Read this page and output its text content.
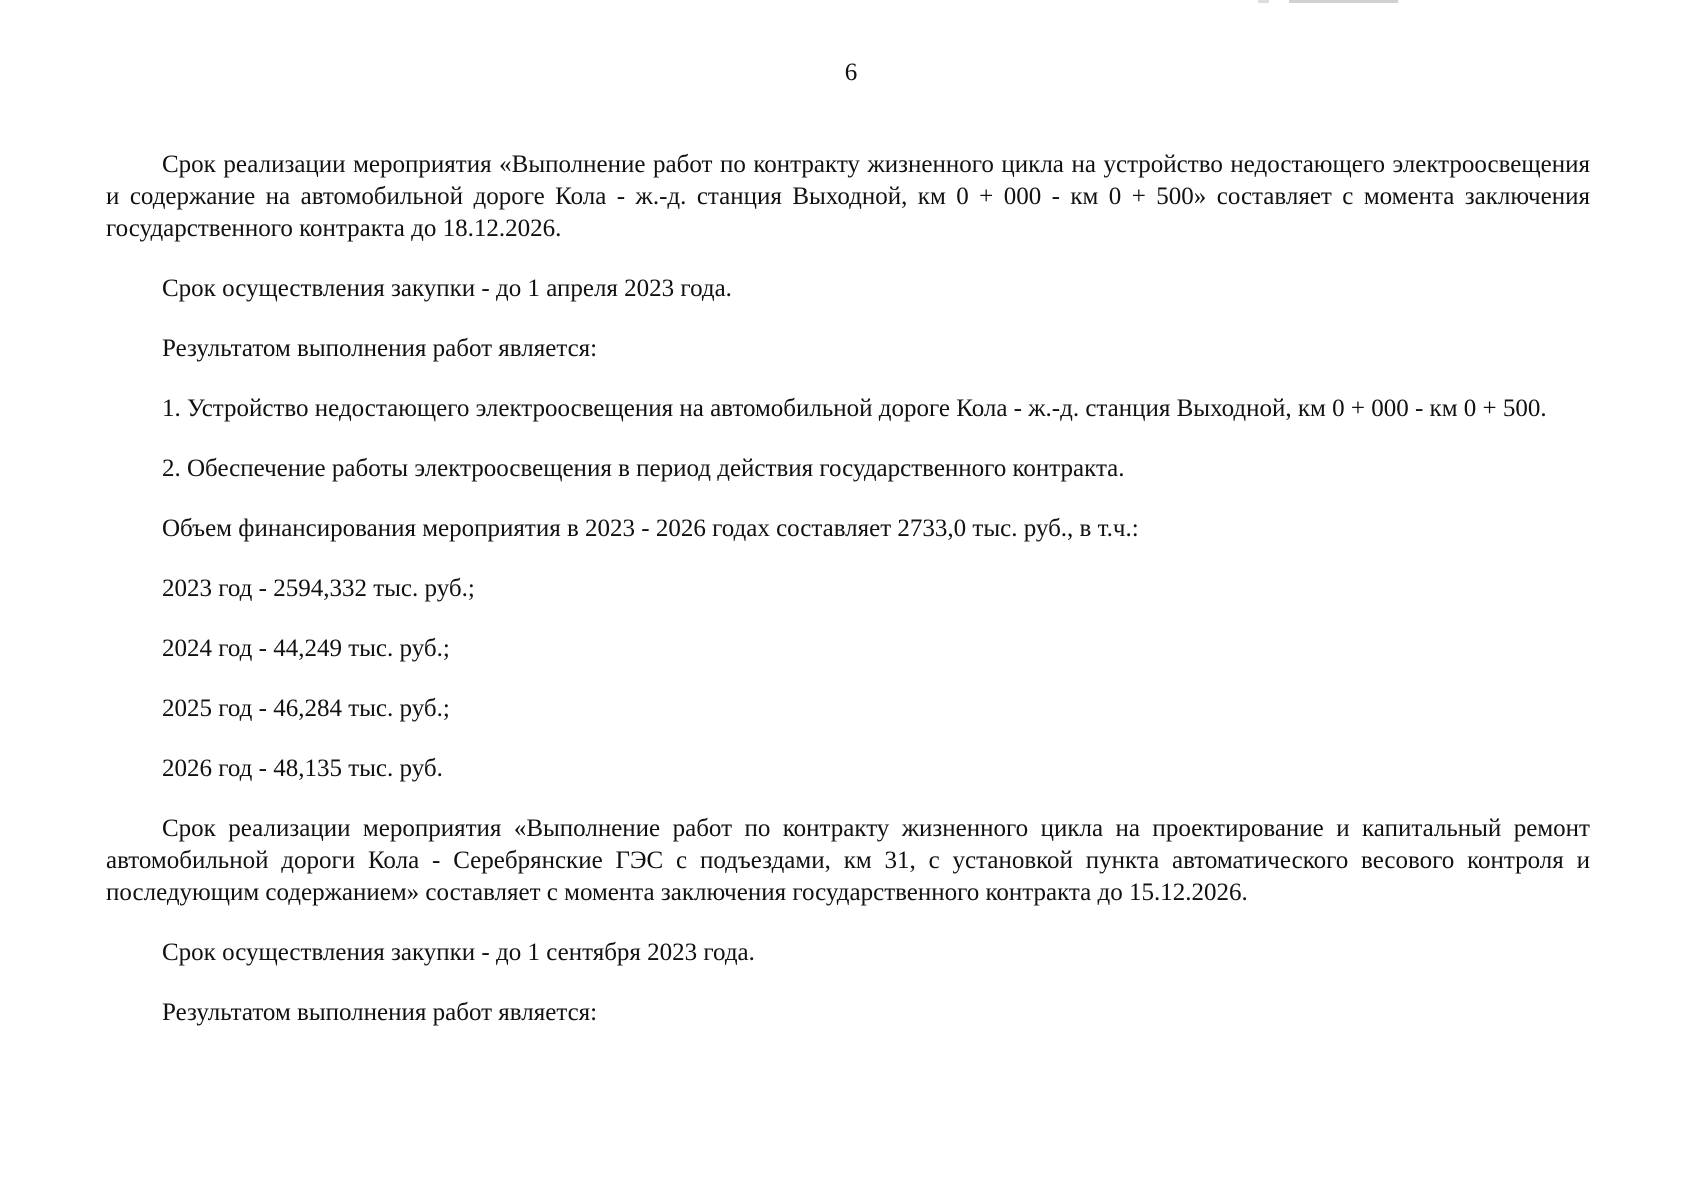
6

Срок реализации мероприятия «Выполнение работ по контракту жизненного цикла на устройство недостающего электроосвещения и содержание на автомобильной дороге Кола - ж.-д. станция Выходной, км 0 + 000 - км 0 + 500» составляет с момента заключения государственного контракта до 18.12.2026.

Срок осуществления закупки - до 1 апреля 2023 года.

Результатом выполнения работ является:

1. Устройство недостающего электроосвещения на автомобильной дороге Кола - ж.-д. станция Выходной, км 0 + 000 - км 0 + 500.

2. Обеспечение работы электроосвещения в период действия государственного контракта.

Объем финансирования мероприятия в 2023 - 2026 годах составляет 2733,0 тыс. руб., в т.ч.:

2023 год - 2594,332 тыс. руб.;

2024 год - 44,249 тыс. руб.;

2025 год - 46,284 тыс. руб.;

2026 год - 48,135 тыс. руб.

Срок реализации мероприятия «Выполнение работ по контракту жизненного цикла на проектирование и капитальный ремонт автомобильной дороги Кола - Серебрянские ГЭС с подъездами, км 31, с установкой пункта автоматического весового контроля и последующим содержанием» составляет с момента заключения государственного контракта до 15.12.2026.

Срок осуществления закупки - до 1 сентября 2023 года.

Результатом выполнения работ является:
